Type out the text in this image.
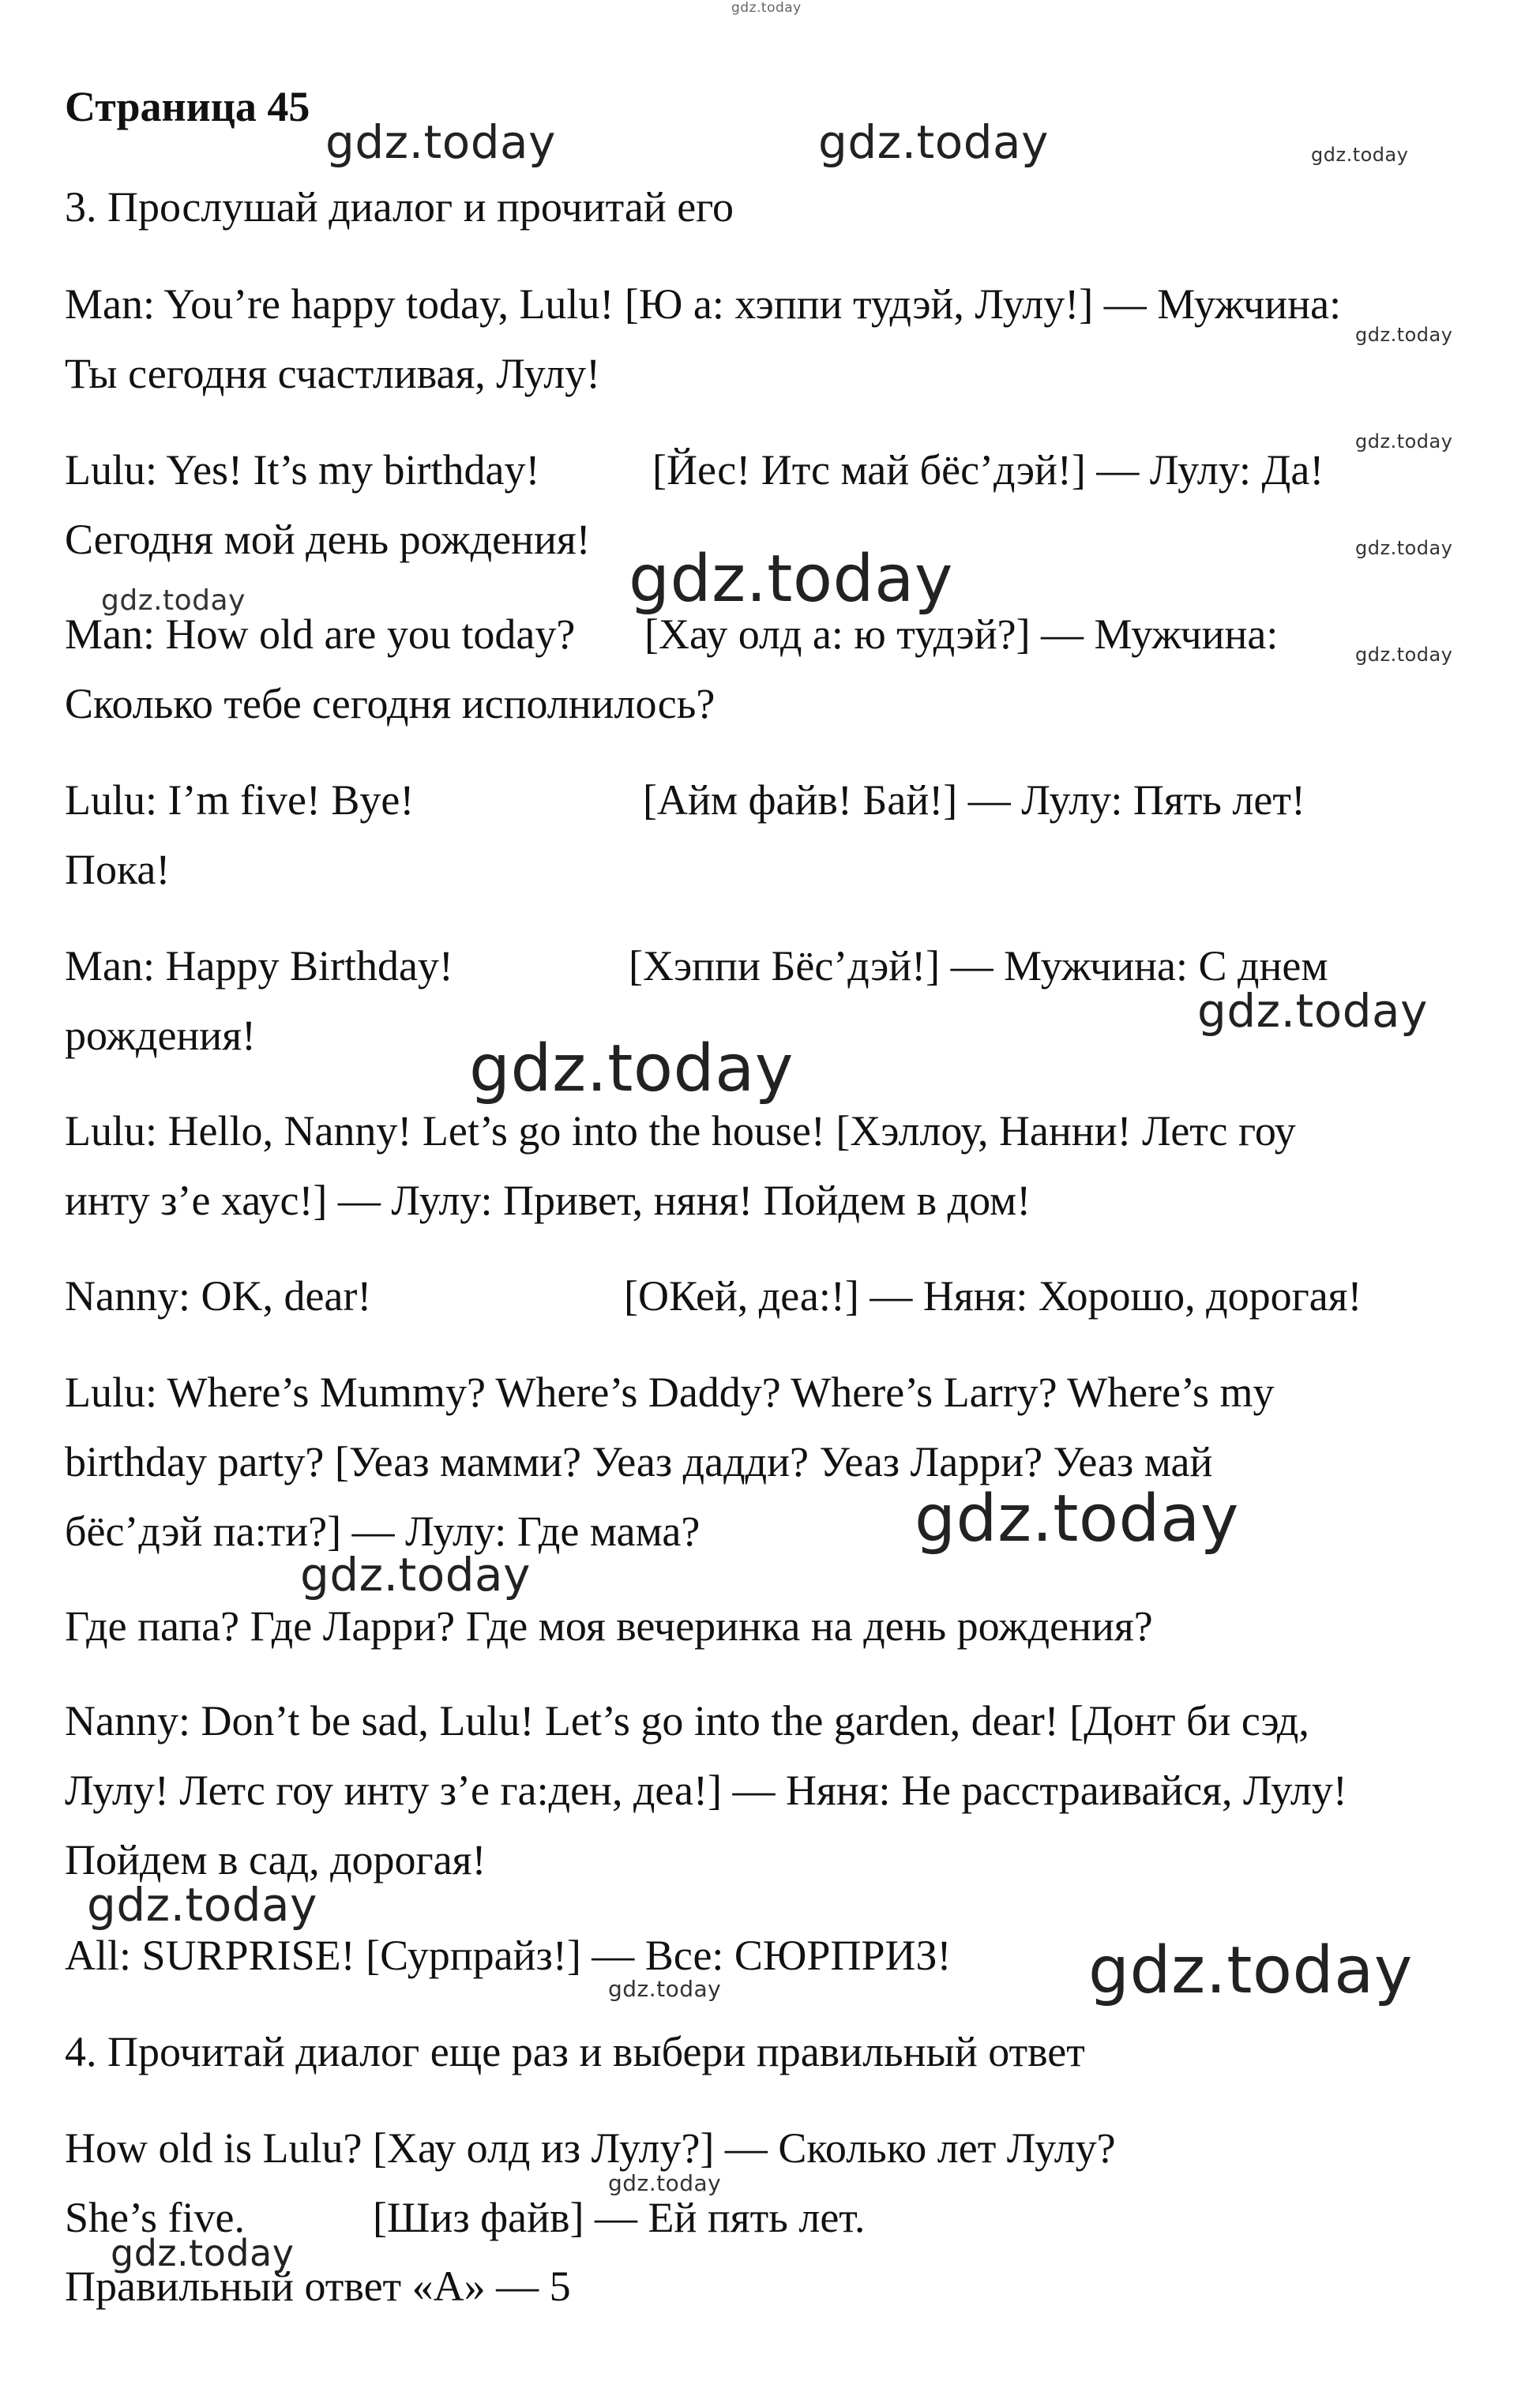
Страница 45
3. Прослушай диалог и прочитай его
Man: You’re happy today, Lulu! [Ю а: хэппи тудэй, Лулу!] — Мужчина:
Ты сегодня счастливая, Лулу!
Lulu: Yes! It’s my birthday!	[Йес! Итс май бёс’дэй!] — Лулу: Да!
Сегодня мой день рождения!
Man: How old are you today? [Хау олд а: ю тудэй?] — Мужчина:
Сколько тебе сегодня исполнилось?
Lulu: I’m five! Bye!	[Айм файв! Бай!] — Лулу: Пять лет!
Пока!
Man: Happy Birthday!	[Хэппи Бёс’дэй!] — Мужчина: С днем
рождения!
Lulu: Hello, Nanny! Let’s go into the house! [Хэллоу, Нанни! Летс гоу
инту з’е хаус!] — Лулу: Привет, няня! Пойдем в дом!
Nanny: OK, dear!	[ОКей, деа:!] — Няня: Хорошо, дорогая!
Lulu: Where’s Mummy? Where’s Daddy? Where’s Larry? Where’s my
birthday party? [Уеаз мамми? Уеаз дадди? Уеаз Ларри? Уеаз май
бёс’дэй па:ти?] — Лулу: Где мама?
Где папа? Где Ларри? Где моя вечеринка на день рождения?
Nanny: Don’t be sad, Lulu! Let’s go into the garden, dear! [Донт би сэд,
Лулу! Летс гоу инту з’е га:ден, деа!] — Няня: Не расстраивайся, Лулу!
Пойдем в сад, дорогая!
All: SURPRISE! [Сурпрайз!] — Все: СЮРПРИЗ!
4. Прочитай диалог еще раз и выбери правильный ответ
How old is Lulu? [Хау олд из Лулу?] — Сколько лет Лулу?
She’s five.	[Шиз файв] — Ей пять лет.
Правильный ответ «А» — 5
gdz.today
gdz.today	gdz.today	gdz.today
gdz.today
gdz.today
gdz.today
gdz.today	gdz.today
gdz.today
gdz.today
gdz.today
gdz.today
gdz.today
gdz.today
gdz.today
gdz.today
gdz.today
gdz.today
